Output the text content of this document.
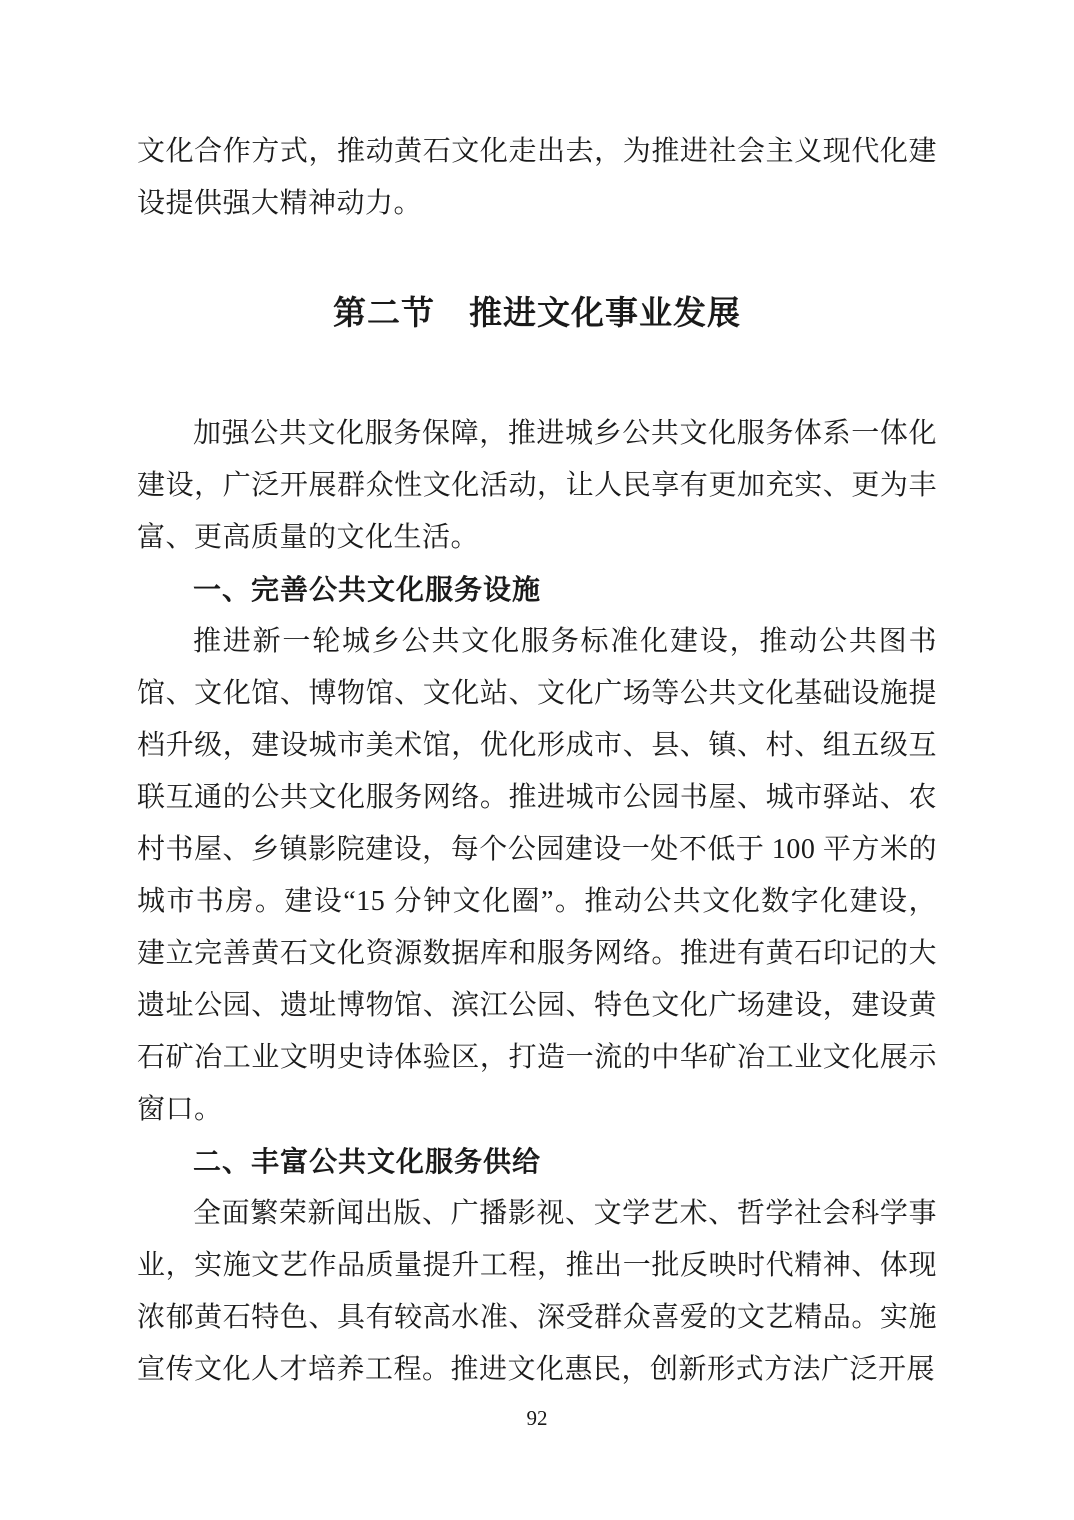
文化合作方式，推动黄石文化走出去，为推进社会主义现代化建设提供强大精神动力。

第二节　推进文化事业发展

加强公共文化服务保障，推进城乡公共文化服务体系一体化建设，广泛开展群众性文化活动，让人民享有更加充实、更为丰富、更高质量的文化生活。

一、完善公共文化服务设施

推进新一轮城乡公共文化服务标准化建设，推动公共图书馆、文化馆、博物馆、文化站、文化广场等公共文化基础设施提档升级，建设城市美术馆，优化形成市、县、镇、村、组五级互联互通的公共文化服务网络。推进城市公园书屋、城市驿站、农村书屋、乡镇影院建设，每个公园建设一处不低于 100 平方米的城市书房。建设“15 分钟文化圈”。推动公共文化数字化建设，建立完善黄石文化资源数据库和服务网络。推进有黄石印记的大遗址公园、遗址博物馆、滨江公园、特色文化广场建设，建设黄石矿冶工业文明史诗体验区，打造一流的中华矿冶工业文化展示窗口。

二、丰富公共文化服务供给

全面繁荣新闻出版、广播影视、文学艺术、哲学社会科学事业，实施文艺作品质量提升工程，推出一批反映时代精神、体现浓郁黄石特色、具有较高水准、深受群众喜爱的文艺精品。实施宣传文化人才培养工程。推进文化惠民，创新形式方法广泛开展

92
